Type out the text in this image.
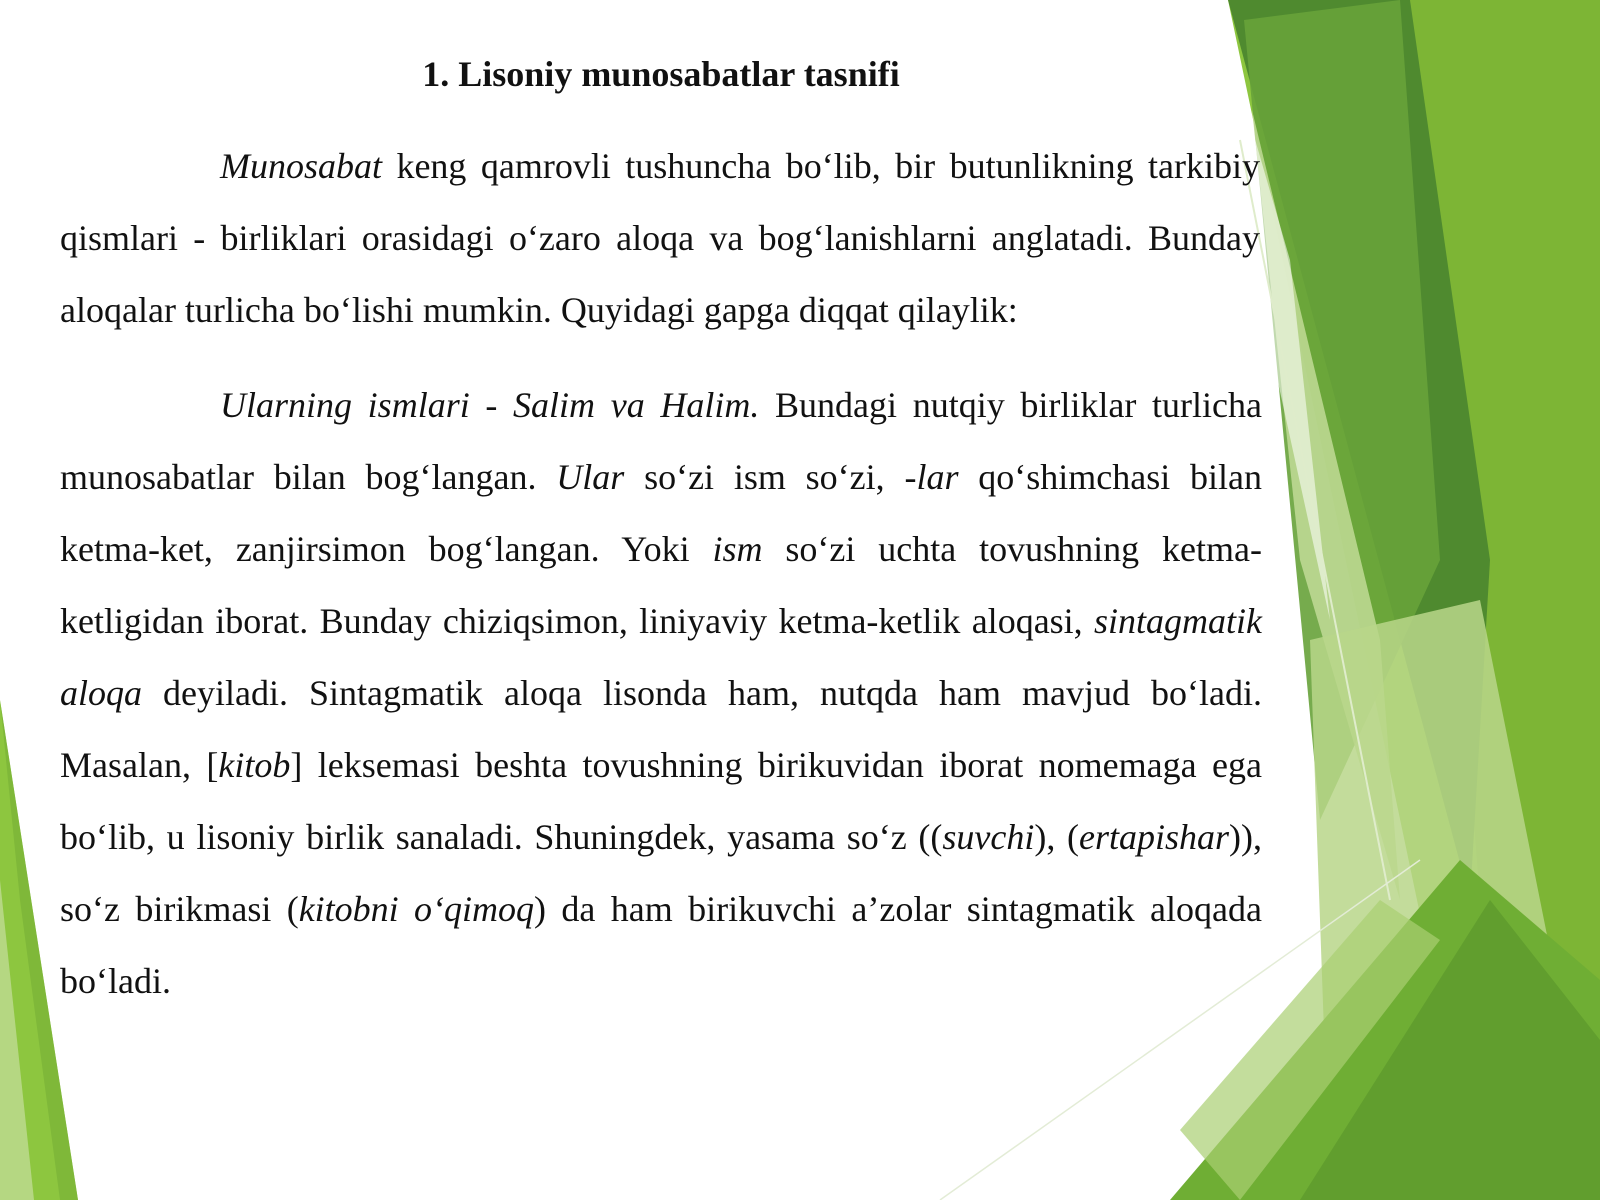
1. Lisoniy munosabatlar tasnifi

Munosabat keng qamrovli tushuncha bo‘lib, bir butunlikning tarkibiy qismlari - birliklari orasidagi o‘zaro aloqa va bog‘lanishlarni anglatadi. Bunday aloqalar turlicha bo‘lishi mumkin. Quyidagi gapga diqqat qilaylik:

Ularning ismlari - Salim va Halim. Bundagi nutqiy birliklar turlicha munosabatlar bilan bog‘langan. Ular so‘zi ism so‘zi, -lar qo‘shimchasi bilan ketma-ket, zanjirsimon bog‘langan. Yoki ism so‘zi uchta tovushning ketma-ketligidan iborat. Bunday chiziqsimon, liniyaviy ketma-ketlik aloqasi, sintagmatik aloqa deyiladi. Sintagmatik aloqa lisonda ham, nutqda ham mavjud bo‘ladi. Masalan, [kitob] leksemasi beshta tovushning birikuvidan iborat nomemaga ega bo‘lib, u lisoniy birlik sanaladi. Shuningdek, yasama so‘z ((suvchi), (ertapishar)), so‘z birikmasi (kitobni o‘qimoq) da ham birikuvchi a’zolar sintagmatik aloqada bo‘ladi.
